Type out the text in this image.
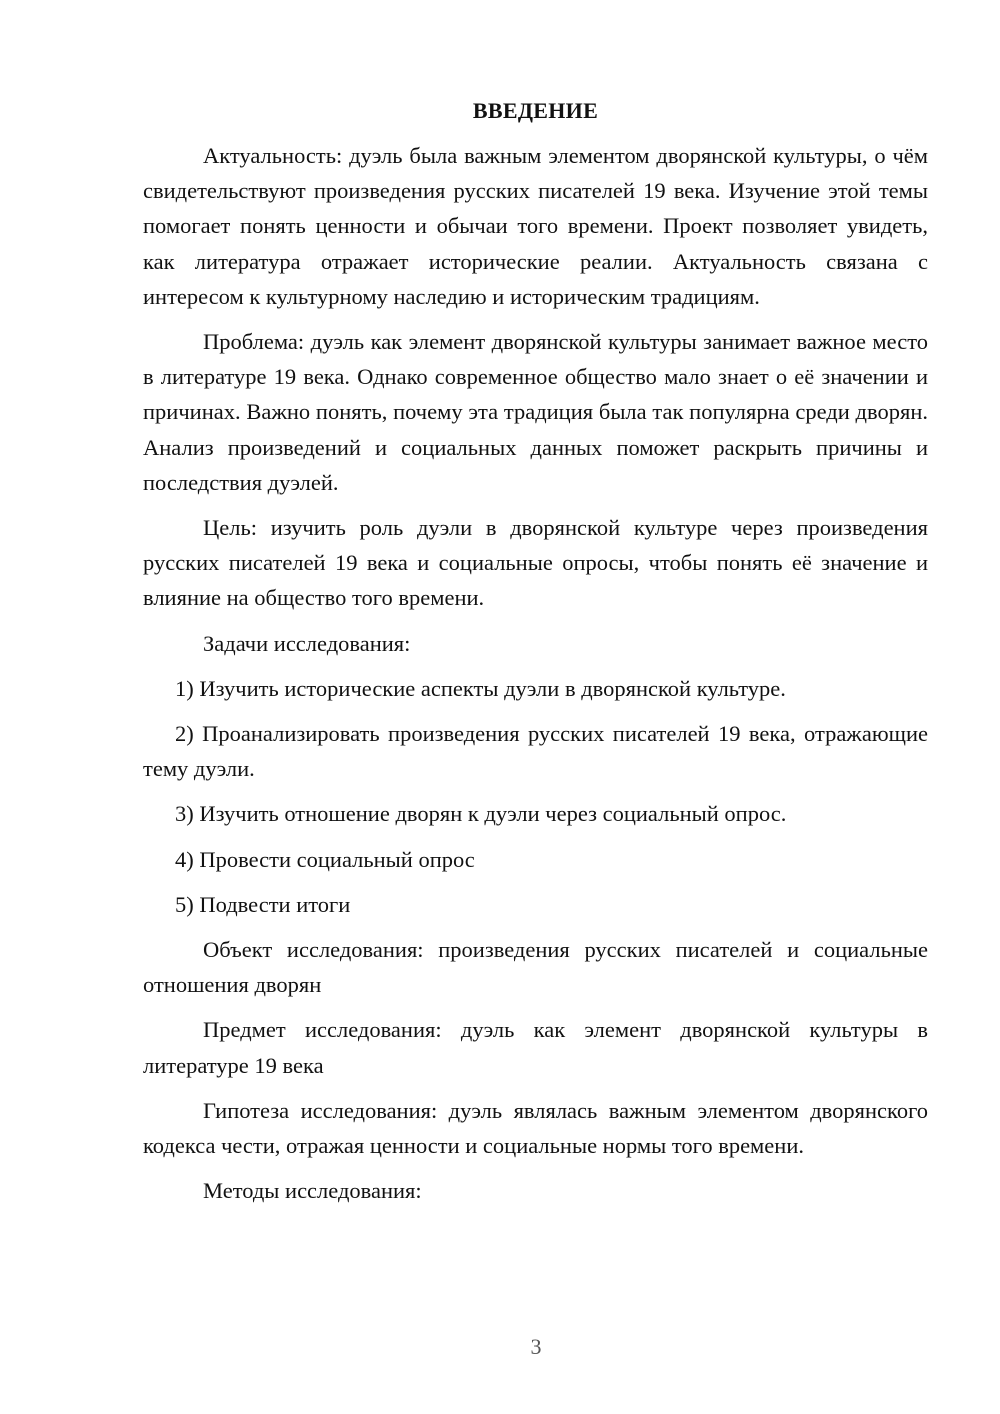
ВВЕДЕНИЕ

Актуальность: дуэль была важным элементом дворянской культуры, о чём свидетельствуют произведения русских писателей 19 века. Изучение этой темы помогает понять ценности и обычаи того времени. Проект позволяет увидеть, как литература отражает исторические реалии. Актуальность связана с интересом к культурному наследию и историческим традициям.

Проблема: дуэль как элемент дворянской культуры занимает важное место в литературе 19 века. Однако современное общество мало знает о её значении и причинах. Важно понять, почему эта традиция была так популярна среди дворян. Анализ произведений и социальных данных поможет раскрыть причины и последствия дуэлей.

Цель: изучить роль дуэли в дворянской культуре через произведения русских писателей 19 века и социальные опросы, чтобы понять её значение и влияние на общество того времени.

Задачи исследования:

1) Изучить исторические аспекты дуэли в дворянской культуре.

2) Проанализировать произведения русских писателей 19 века, отражающие тему дуэли.

3) Изучить отношение дворян к дуэли через социальный опрос.

4) Провести социальный опрос

5) Подвести итоги

Объект исследования: произведения русских писателей и социальные отношения дворян

Предмет исследования: дуэль как элемент дворянской культуры в литературе 19 века

Гипотеза исследования: дуэль являлась важным элементом дворянского кодекса чести, отражая ценности и социальные нормы того времени.

Методы исследования:

3
